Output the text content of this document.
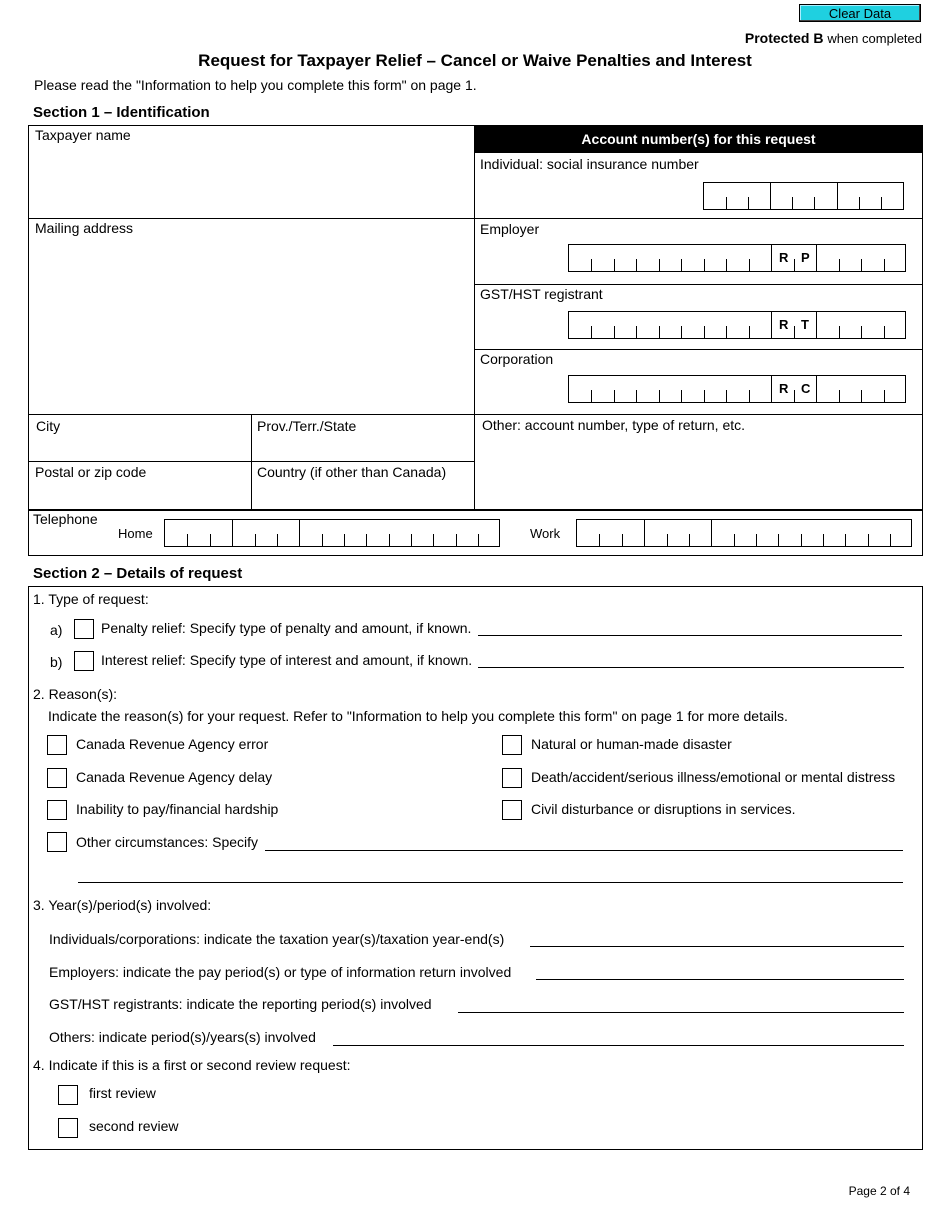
Clear Data
Protected B when completed
Request for Taxpayer Relief – Cancel or Waive Penalties and Interest
Please read the "Information to help you complete this form" on page 1.
Section 1 – Identification
Taxpayer name
Mailing address
City	Prov./Terr./State
Postal or zip code	Country (if other than Canada)
Account number(s) for this request
Individual: social insurance number
Employer
R P
GST/HST registrant
R T
Corporation
R C
Other: account number, type of return, etc.
Telephone
Home	Work
Section 2 – Details of request
1. Type of request:
a)	Penalty relief: Specify type of penalty and amount, if known.
b)	Interest relief: Specify type of interest and amount, if known.
2. Reason(s):
Indicate the reason(s) for your request. Refer to "Information to help you complete this form" on page 1 for more details.
Canada Revenue Agency error
Canada Revenue Agency delay
Inability to pay/financial hardship
Other circumstances: Specify
Natural or human-made disaster
Death/accident/serious illness/emotional or mental distress
Civil disturbance or disruptions in services.
3. Year(s)/period(s) involved:
Individuals/corporations: indicate the taxation year(s)/taxation year-end(s)
Employers: indicate the pay period(s) or type of information return involved
GST/HST registrants: indicate the reporting period(s) involved
Others: indicate period(s)/years(s) involved
4. Indicate if this is a first or second review request:
first review
second review
Page 2 of 4
